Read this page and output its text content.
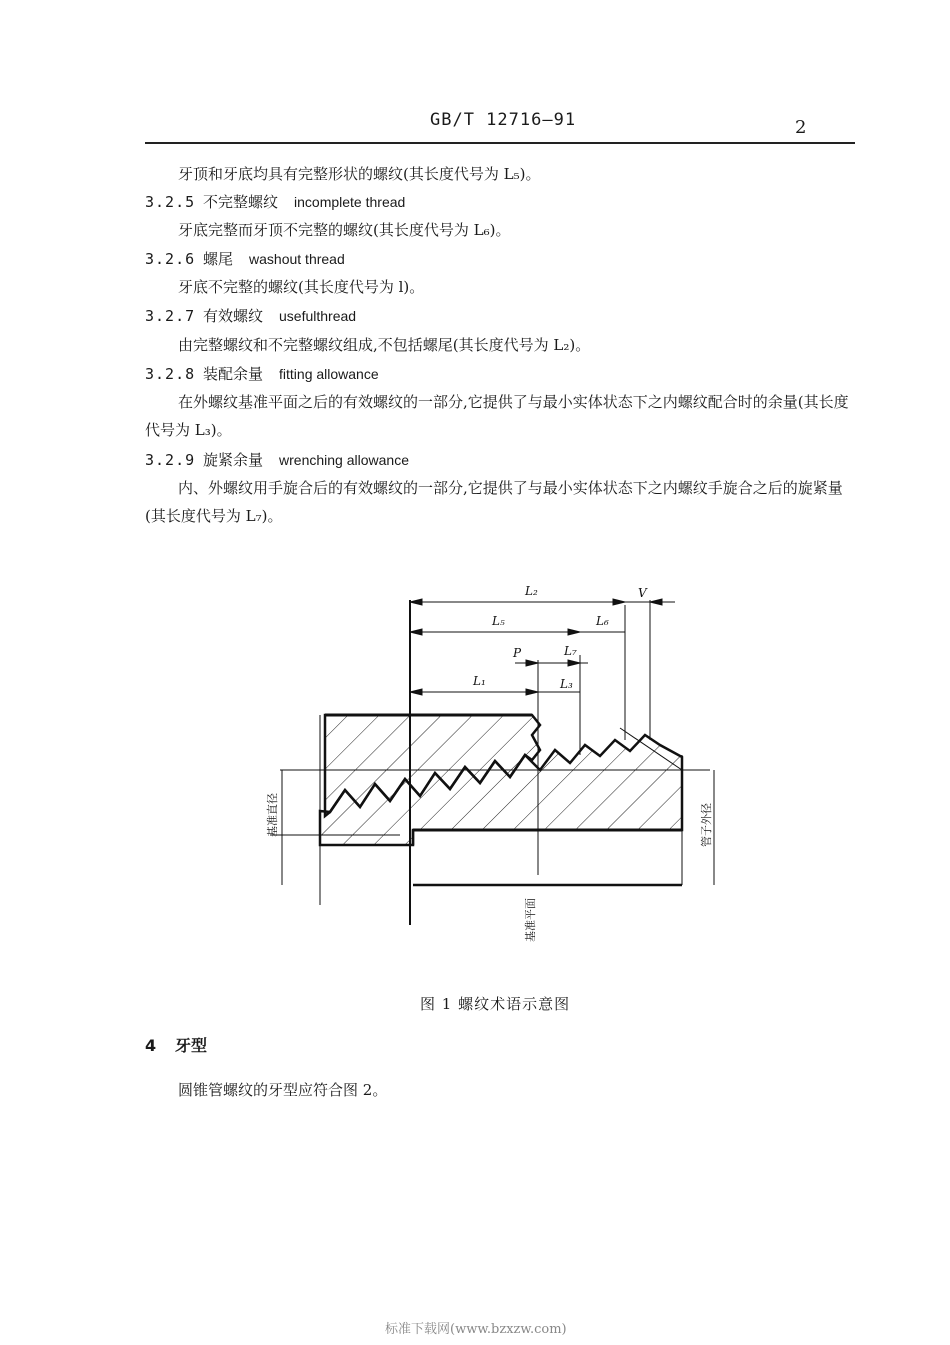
GB/T 12716—91	2
牙顶和牙底均具有完整形状的螺纹(其长度代号为 L₅)。
3.2.5 不完整螺纹 incomplete thread
牙底完整而牙顶不完整的螺纹(其长度代号为 L₆)。
3.2.6 螺尾 washout thread
牙底不完整的螺纹(其长度代号为 l)。
3.2.7 有效螺纹 usefulthread
由完整螺纹和不完整螺纹组成,不包括螺尾(其长度代号为 L₂)。
3.2.8 装配余量 fitting allowance
在外螺纹基准平面之后的有效螺纹的一部分,它提供了与最小实体状态下之内螺纹配合时的余量(其长度代号为 L₃)。
3.2.9 旋紧余量 wrenching allowance
内、外螺纹用手旋合后的有效螺纹的一部分,它提供了与最小实体状态下之内螺纹手旋合之后的旋紧量(其长度代号为 L₇)。
L₂	V
L₅	L₆
P	L₇
L₁	L₃
基准直径	管子外径
基准平面
图 1 螺纹术语示意图
4 牙型
圆锥管螺纹的牙型应符合图 2。
标准下载网(www.bzxzw.com)
